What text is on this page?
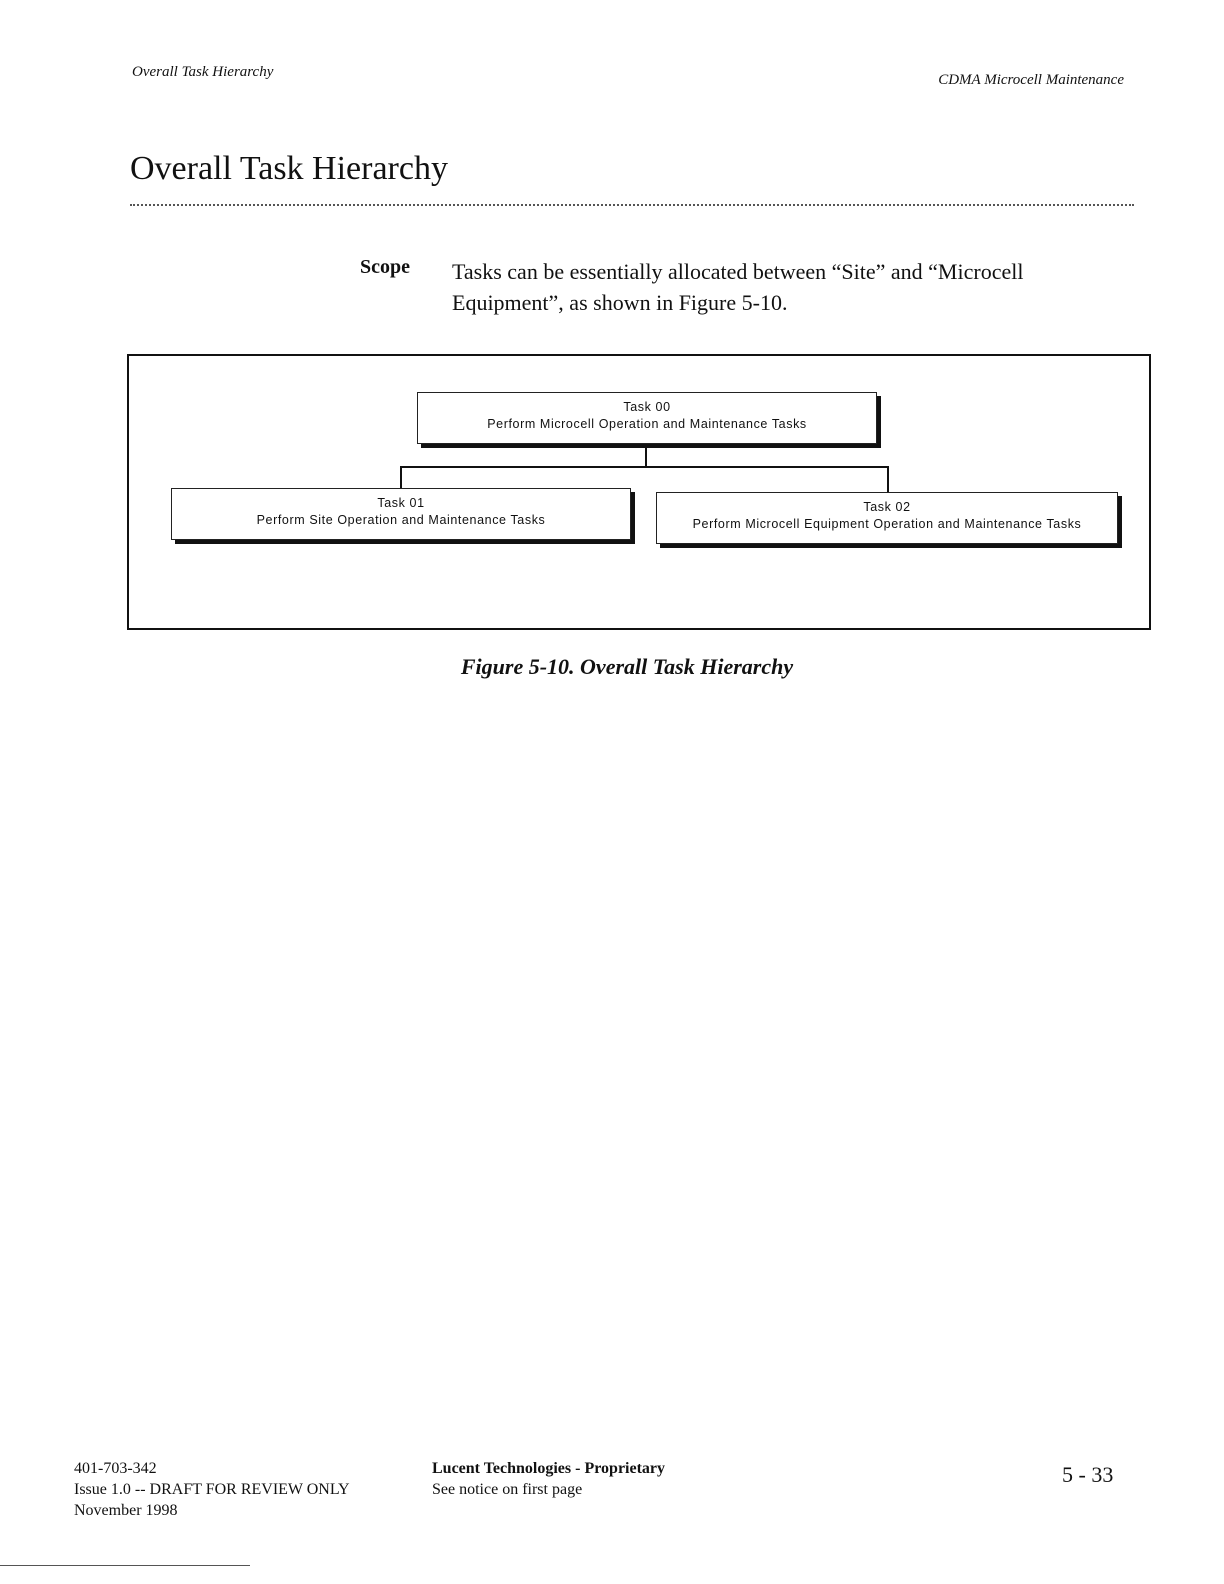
Overall Task Hierarchy	CDMA Microcell Maintenance
Overall Task Hierarchy
Scope Tasks can be essentially allocated between “Site” and “Microcell Equipment”, as shown in Figure 5-10.
Task 00
Perform Microcell Operation and Maintenance Tasks
Task 01
Perform Site Operation and Maintenance Tasks
Task 02
Perform Microcell Equipment Operation and Maintenance Tasks
Figure 5-10. Overall Task Hierarchy
401-703-342
Issue 1.0 -- DRAFT FOR REVIEW ONLY
November 1998
Lucent Technologies - Proprietary
See notice on first page
5 - 33
